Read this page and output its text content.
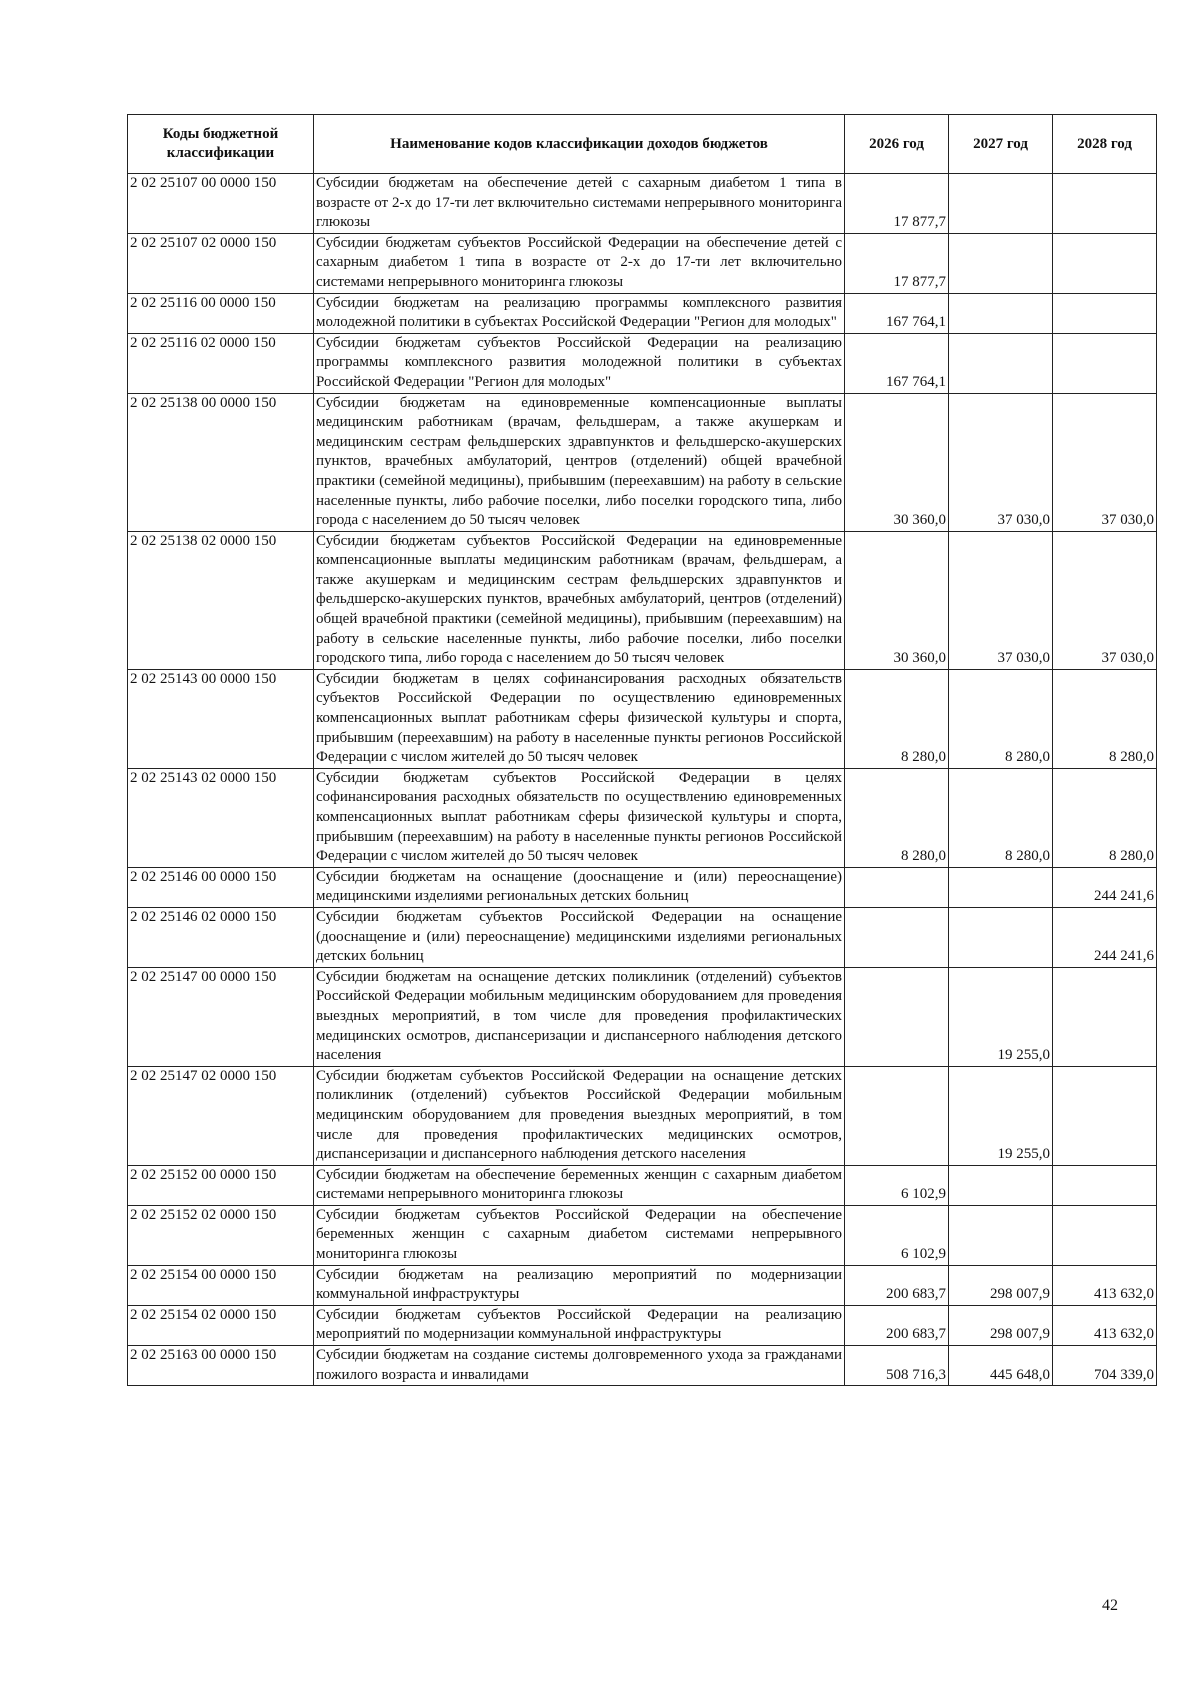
Коды бюджетной классификации	Наименование кодов классификации доходов бюджетов	2026 год	2027 год	2028 год
2 02 25107 00 0000 150	Субсидии бюджетам на обеспечение детей с сахарным диабетом 1 типа в возрасте от 2-х до 17-ти лет включительно системами непрерывного мониторинга глюкозы	17 877,7		
2 02 25107 02 0000 150	Субсидии бюджетам субъектов Российской Федерации на обеспечение детей с сахарным диабетом 1 типа в возрасте от 2-х до 17-ти лет включительно системами непрерывного мониторинга глюкозы	17 877,7		
2 02 25116 00 0000 150	Субсидии бюджетам на реализацию программы комплексного развития молодежной политики в субъектах Российской Федерации "Регион для молодых"	167 764,1		
2 02 25116 02 0000 150	Субсидии бюджетам субъектов Российской Федерации на реализацию программы комплексного развития молодежной политики в субъектах Российской Федерации "Регион для молодых"	167 764,1		
2 02 25138 00 0000 150	Субсидии бюджетам на единовременные компенсационные выплаты медицинским работникам (врачам, фельдшерам, а также акушеркам и медицинским сестрам фельдшерских здравпунктов и фельдшерско-акушерских пунктов, врачебных амбулаторий, центров (отделений) общей врачебной практики (семейной медицины), прибывшим (переехавшим) на работу в сельские населенные пункты, либо рабочие поселки, либо поселки городского типа, либо города с населением до 50 тысяч человек	30 360,0	37 030,0	37 030,0
2 02 25138 02 0000 150	Субсидии бюджетам субъектов Российской Федерации на единовременные компенсационные выплаты медицинским работникам (врачам, фельдшерам, а также акушеркам и медицинским сестрам фельдшерских здравпунктов и фельдшерско-акушерских пунктов, врачебных амбулаторий, центров (отделений) общей врачебной практики (семейной медицины), прибывшим (переехавшим) на работу в сельские населенные пункты, либо рабочие поселки, либо поселки городского типа, либо города с населением до 50 тысяч человек	30 360,0	37 030,0	37 030,0
2 02 25143 00 0000 150	Субсидии бюджетам в целях софинансирования расходных обязательств субъектов Российской Федерации по осуществлению единовременных компенсационных выплат работникам сферы физической культуры и спорта, прибывшим (переехавшим) на работу в населенные пункты регионов Российской Федерации с числом жителей до 50 тысяч человек	8 280,0	8 280,0	8 280,0
2 02 25143 02 0000 150	Субсидии бюджетам субъектов Российской Федерации в целях софинансирования расходных обязательств по осуществлению единовременных компенсационных выплат работникам сферы физической культуры и спорта, прибывшим (переехавшим) на работу в населенные пункты регионов Российской Федерации с числом жителей до 50 тысяч человек	8 280,0	8 280,0	8 280,0
2 02 25146 00 0000 150	Субсидии бюджетам на оснащение (дооснащение и (или) переоснащение) медицинскими изделиями региональных детских больниц			244 241,6
2 02 25146 02 0000 150	Субсидии бюджетам субъектов Российской Федерации на оснащение (дооснащение и (или) переоснащение) медицинскими изделиями региональных детских больниц			244 241,6
2 02 25147 00 0000 150	Субсидии бюджетам на оснащение детских поликлиник (отделений) субъектов Российской Федерации мобильным медицинским оборудованием для проведения выездных мероприятий, в том числе для проведения профилактических медицинских осмотров, диспансеризации и диспансерного наблюдения детского населения		19 255,0	
2 02 25147 02 0000 150	Субсидии бюджетам субъектов Российской Федерации на оснащение детских поликлиник (отделений) субъектов Российской Федерации мобильным медицинским оборудованием для проведения выездных мероприятий, в том числе для проведения профилактических медицинских осмотров, диспансеризации и диспансерного наблюдения детского населения		19 255,0	
2 02 25152 00 0000 150	Субсидии бюджетам на обеспечение беременных женщин с сахарным диабетом системами непрерывного мониторинга глюкозы	6 102,9		
2 02 25152 02 0000 150	Субсидии бюджетам субъектов Российской Федерации на обеспечение беременных женщин с сахарным диабетом системами непрерывного мониторинга глюкозы	6 102,9		
2 02 25154 00 0000 150	Субсидии бюджетам на реализацию мероприятий по модернизации коммунальной инфраструктуры	200 683,7	298 007,9	413 632,0
2 02 25154 02 0000 150	Субсидии бюджетам субъектов Российской Федерации на реализацию мероприятий по модернизации коммунальной инфраструктуры	200 683,7	298 007,9	413 632,0
2 02 25163 00 0000 150	Субсидии бюджетам на создание системы долговременного ухода за гражданами пожилого возраста и инвалидами	508 716,3	445 648,0	704 339,0
42
